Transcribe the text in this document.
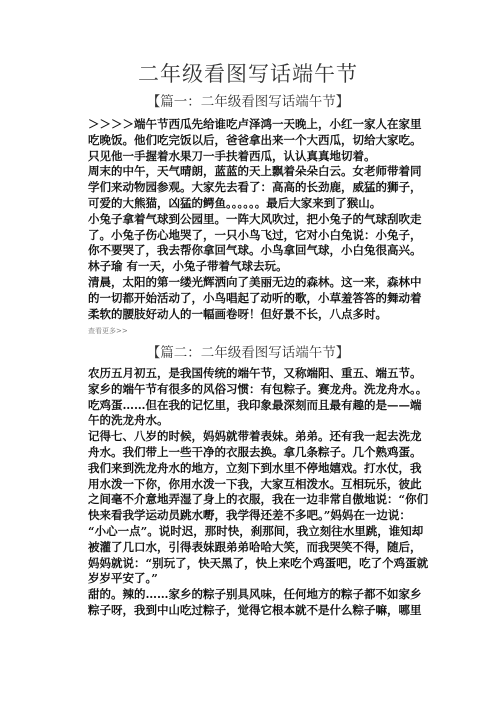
二年级看图写话端午节
【篇一：二年级看图写话端午节】
＞＞＞＞端午节西瓜先给谁吃卢泽鸿一天晚上，小红一家人在家里
吃晚饭。他们吃完饭以后，爸爸拿出来一个大西瓜，切给大家吃。
只见他一手握着水果刀一手扶着西瓜，认认真真地切着。
周末的中午，天气晴朗，蓝蓝的天上飘着朵朵白云。女老师带着同
学们来动物园参观。大家先去看了：高高的长劲鹿，威猛的狮子，
可爱的大熊猫，凶猛的鳄鱼。。。。。。最后大家来到了猴山。
小兔子拿着气球到公园里。一阵大风吹过，把小兔子的气球刮吹走
了。小兔子伤心地哭了，一只小鸟飞过，它对小白兔说：小兔子，
你不要哭了，我去帮你拿回气球。小鸟拿回气球，小白兔很高兴。
林子瑜 有一天，小兔子带着气球去玩。
清晨，太阳的第一缕光辉洒向了美丽无边的森林。这一来，森林中
的一切都开始活动了，小鸟唱起了动听的歌，小草羞答答的舞动着
柔软的腰肢好动人的一幅画卷呀！但好景不长，八点多时。
查看更多>>
【篇二：二年级看图写话端午节】
农历五月初五，是我国传统的端午节，又称端阳、重五、端五节。
家乡的端午节有很多的风俗习惯：有包粽子。赛龙舟。洗龙舟水。。
吃鸡蛋……但在我的记忆里，我印象最深刻而且最有趣的是——端
午的洗龙舟水。
记得七、八岁的时候，妈妈就带着表妹。弟弟。还有我一起去洗龙
舟水。我们带上一些干净的衣服去换。拿几条粽子。几个熟鸡蛋。
我们来到洗龙舟水的地方，立刻下到水里不停地嬉戏。打水仗，我
用水泼一下你，你用水泼一下我，大家互相泼水。互相玩乐，彼此
之间毫不介意地弄湿了身上的衣服，我在一边非常自傲地说：“你们
快来看我学运动员跳水嘢，我学得还差不多吧。”妈妈在一边说：
“小心一点”。说时迟，那时快，刹那间，我立刻往水里跳，谁知却
被灌了几口水，引得表妹跟弟弟哈哈大笑，而我哭笑不得，随后，
妈妈就说：“别玩了，快天黑了，快上来吃个鸡蛋吧，吃了个鸡蛋就
岁岁平安了。”
甜的。辣的……家乡的粽子别具风味，任何地方的粽子都不如家乡
粽子呀，我到中山吃过粽子，觉得它根本就不是什么粽子嘛，哪里
